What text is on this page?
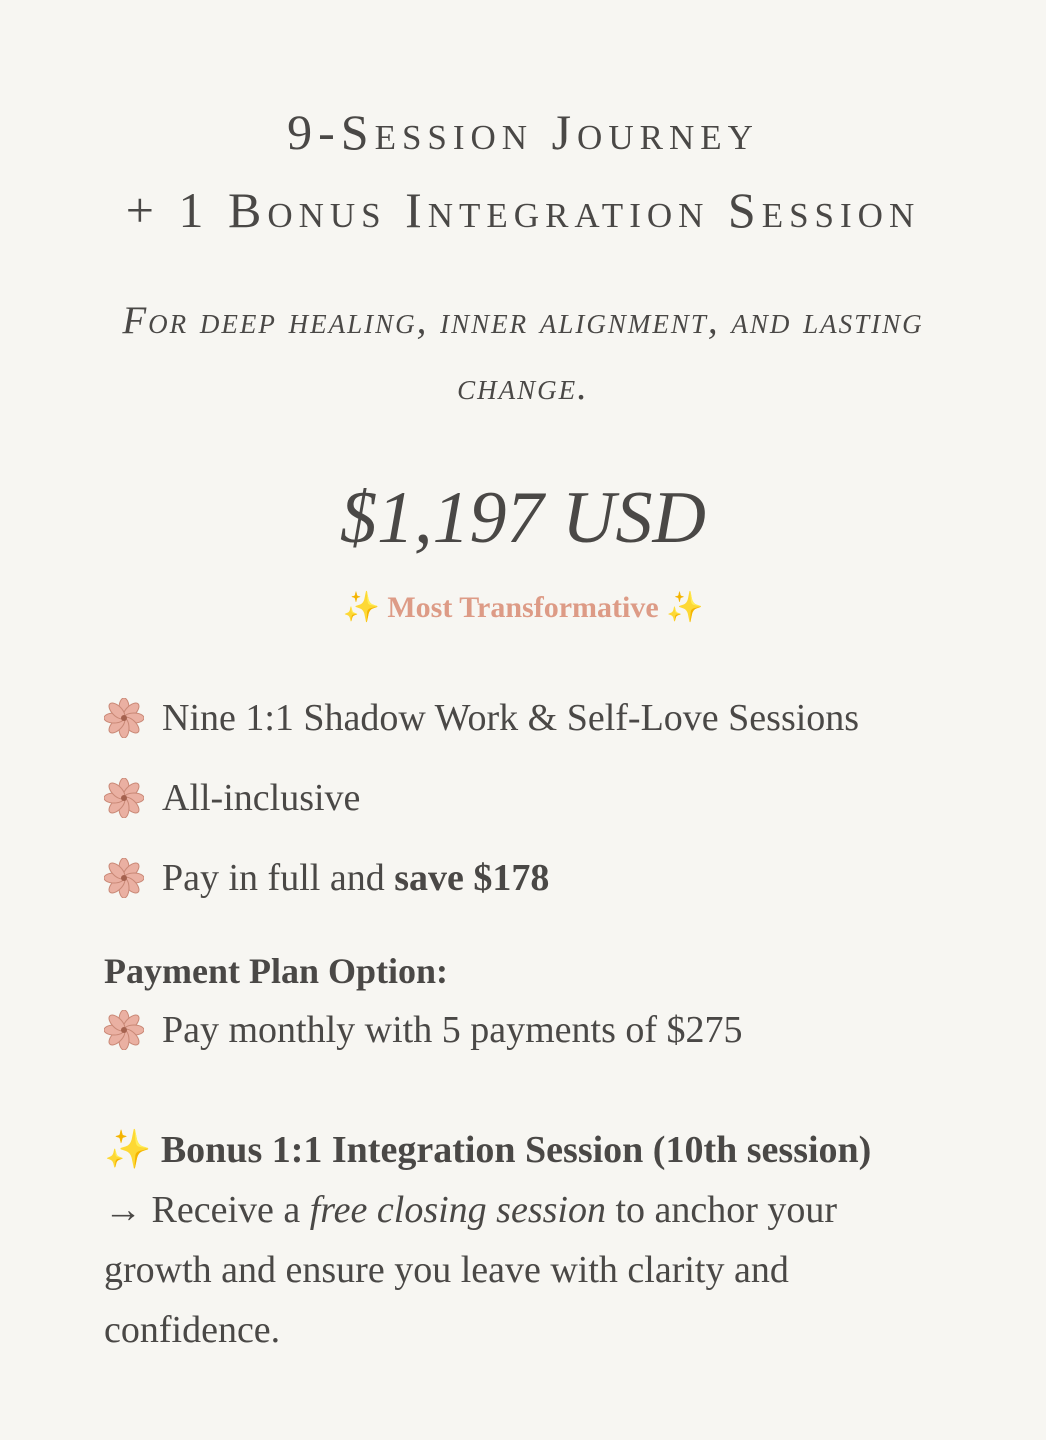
9-Session Journey
+ 1 Bonus Integration Session

For deep healing, inner alignment, and lasting change.

$1,197 USD

✨ Most Transformative ✨
Nine 1:1 Shadow Work & Self-Love Sessions
All-inclusive
Pay in full and save $178
Payment Plan Option:
Pay monthly with 5 payments of $275
✨ Bonus 1:1 Integration Session (10th session)

→ Receive a free closing session to anchor your growth and ensure you leave with clarity and confidence.
